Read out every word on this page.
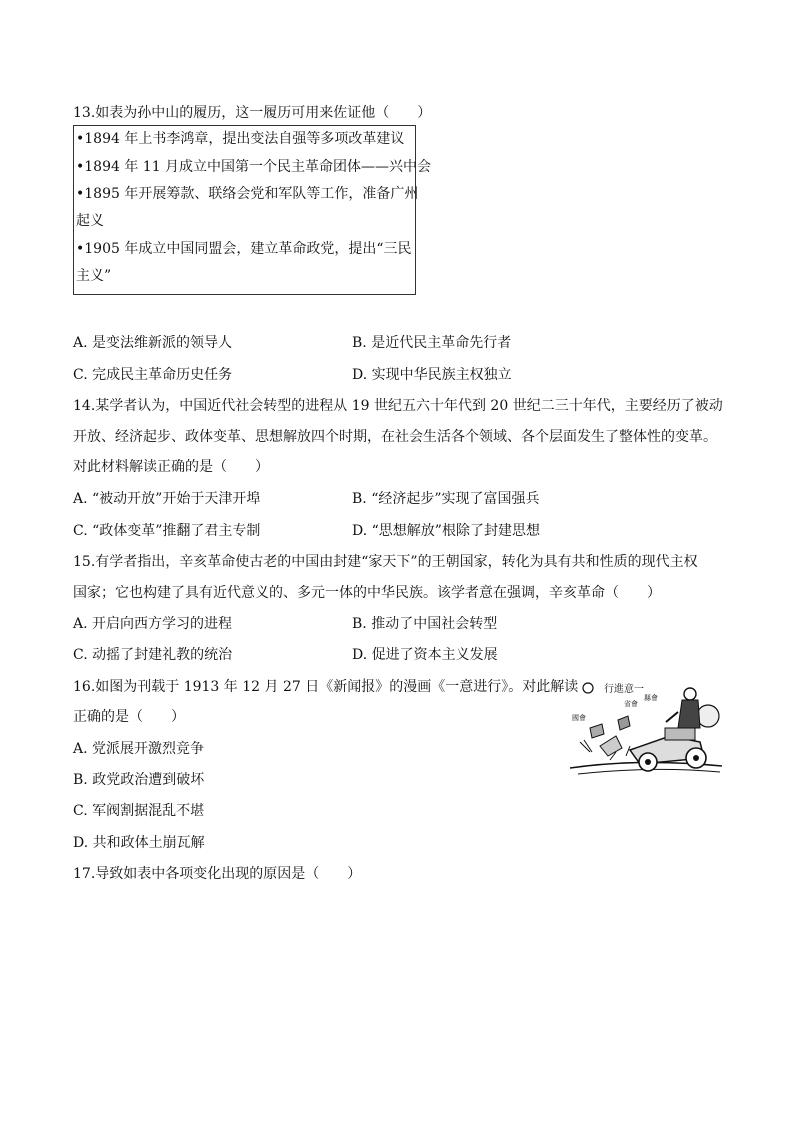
13.如表为孙中山的履历，这一履历可用来佐证他（　　）
•1894 年上书李鸿章，提出变法自强等多项改革建议
•1894 年 11 月成立中国第一个民主革命团体——兴中会
•1895 年开展筹款、联络会党和军队等工作，准备广州
起义
•1905 年成立中国同盟会，建立革命政党，提出“三民
主义”
A. 是变法维新派的领导人	B. 是近代民主革命先行者
C. 完成民主革命历史任务	D. 实现中华民族主权独立
14.某学者认为，中国近代社会转型的进程从 19 世纪五六十年代到 20 世纪二三十年代，主要经历了被动
开放、经济起步、政体变革、思想解放四个时期，在社会生活各个领域、各个层面发生了整体性的变革。
对此材料解读正确的是（　　）
A. “被动开放”开始于天津开埠	B. “经济起步”实现了富国强兵
C. “政体变革”推翻了君主专制	D. “思想解放”根除了封建思想
15.有学者指出，辛亥革命使古老的中国由封建“家天下”的王朝国家，转化为具有共和性质的现代主权
国家；它也构建了具有近代意义的、多元一体的中华民族。该学者意在强调，辛亥革命（　　）
A. 开启向西方学习的进程	B. 推动了中国社会转型
C. 动摇了封建礼教的统治	D. 促进了资本主义发展
16.如图为刊载于 1913 年 12 月 27 日《新闻报》的漫画《一意进行》。对此解读
正确的是（　　）
A. 党派展开激烈竞争
B. 政党政治遭到破坏
C. 军阀割据混乱不堪
D. 共和政体土崩瓦解
行進意一
國會
省會
縣會
17.导致如表中各项变化出现的原因是（　　）
